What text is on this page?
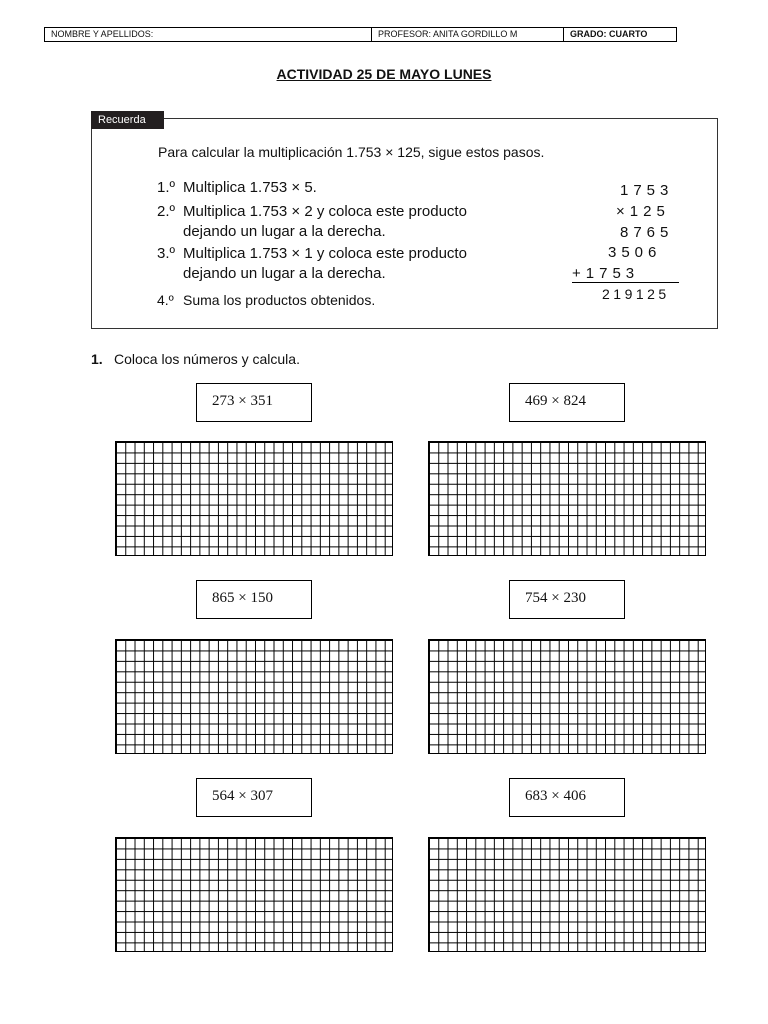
NOMBRE Y APELLIDOS:	PROFESOR: ANITA GORDILLO M	GRADO: CUARTO
ACTIVIDAD 25 DE MAYO LUNES
Recuerda
Para calcular la multiplicación 1.753 × 125, sigue estos pasos.
1.º Multiplica 1.753 × 5.
2.º Multiplica 1.753 × 2 y coloca este producto
dejando un lugar a la derecha.
3.º Multiplica 1.753 × 1 y coloca este producto
dejando un lugar a la derecha.
4.º Suma los productos obtenidos.
1753
×125
8765
3506
+1753
219125
1. Coloca los números y calcula.
273 × 351	469 × 824
865 × 150	754 × 230
564 × 307	683 × 406
